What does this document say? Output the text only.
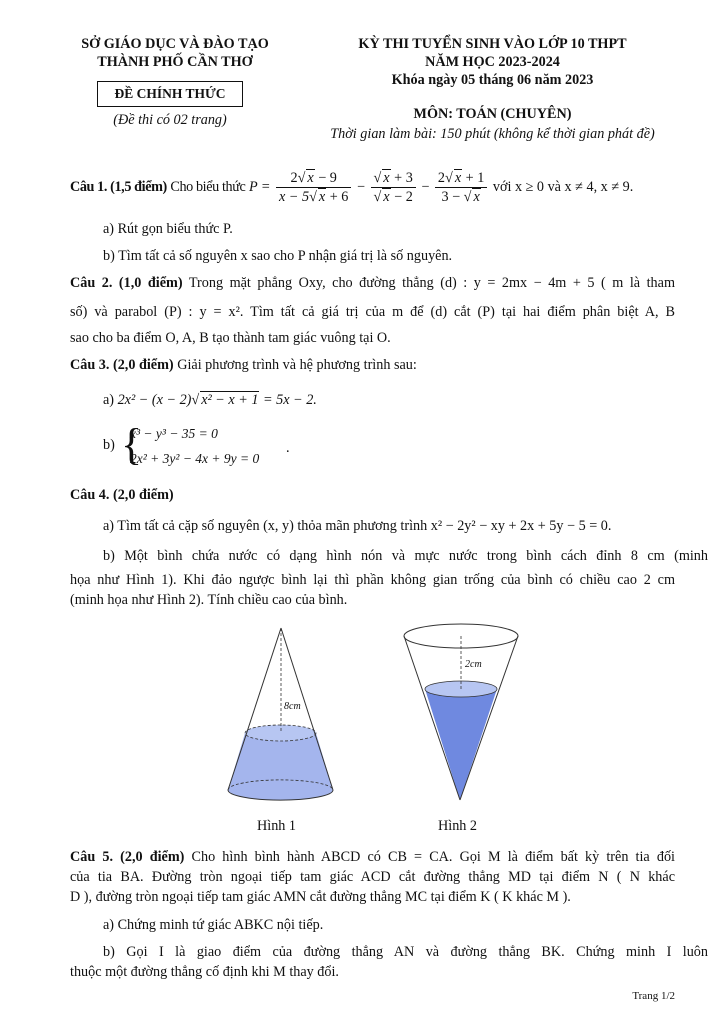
SỞ GIÁO DỤC VÀ ĐÀO TẠO
THÀNH PHỐ CẦN THƠ
ĐỀ CHÍNH THỨC
(Đề thi có 02 trang)
KỲ THI TUYỂN SINH VÀO LỚP 10 THPT
NĂM HỌC 2023-2024
Khóa ngày 05 tháng 06 năm 2023
MÔN: TOÁN (CHUYÊN)
Thời gian làm bài: 150 phút (không kể thời gian phát đề)
Câu 1. (1,5 điểm) Cho biểu thức $P = \frac{2√ x - 9}{x - 5√ x + 6} - \frac{√ x + 3}{√ x - 2} - \frac{2√ x + 1}{3 - √ x}$ với x ≥ 0 và x ≠ 4, x ≠ 9.
a) Rút gọn biểu thức P.
b) Tìm tất cả số nguyên x sao cho P nhận giá trị là số nguyên.
Câu 2. (1,0 điểm) Trong mặt phẳng Oxy, cho đường thẳng (d) : y = 2mx − 4m + 5 ( m là tham
số) và parabol (P) : y = x². Tìm tất cả giá trị của m để (d) cắt (P) tại hai điểm phân biệt A, B
sao cho ba điểm O, A, B tạo thành tam giác vuông tại O.
Câu 3. (2,0 điểm) Giải phương trình và hệ phương trình sau:
a) 2x² − (x − 2)√ x² − x + 1 = 5x − 2.
b) {
x³ − y³ − 35 = 0
2x² + 3y² − 4x + 9y = 0
.
Câu 4. (2,0 điểm)
a) Tìm tất cả cặp số nguyên (x, y) thỏa mãn phương trình x² − 2y² − xy + 2x + 5y − 5 = 0.
b) Một bình chứa nước có dạng hình nón và mực nước trong bình cách đỉnh 8 cm (minh
họa như Hình 1). Khi đảo ngược bình lại thì phần không gian trống của bình có chiều cao 2 cm
(minh họa như Hình 2). Tính chiều cao của bình.
8cm
2cm
Hình 1	Hình 2
Câu 5. (2,0 điểm) Cho hình bình hành ABCD có CB = CA. Gọi M là điểm bất kỳ trên tia đối
của tia BA. Đường tròn ngoại tiếp tam giác ACD cắt đường thẳng MD tại điểm N ( N khác
D ), đường tròn ngoại tiếp tam giác AMN cắt đường thẳng MC tại điểm K ( K khác M ).
a) Chứng minh tứ giác ABKC nội tiếp.
b) Gọi I là giao điểm của đường thẳng AN và đường thẳng BK. Chứng minh I luôn
thuộc một đường thẳng cố định khi M thay đổi.
Trang 1/2
